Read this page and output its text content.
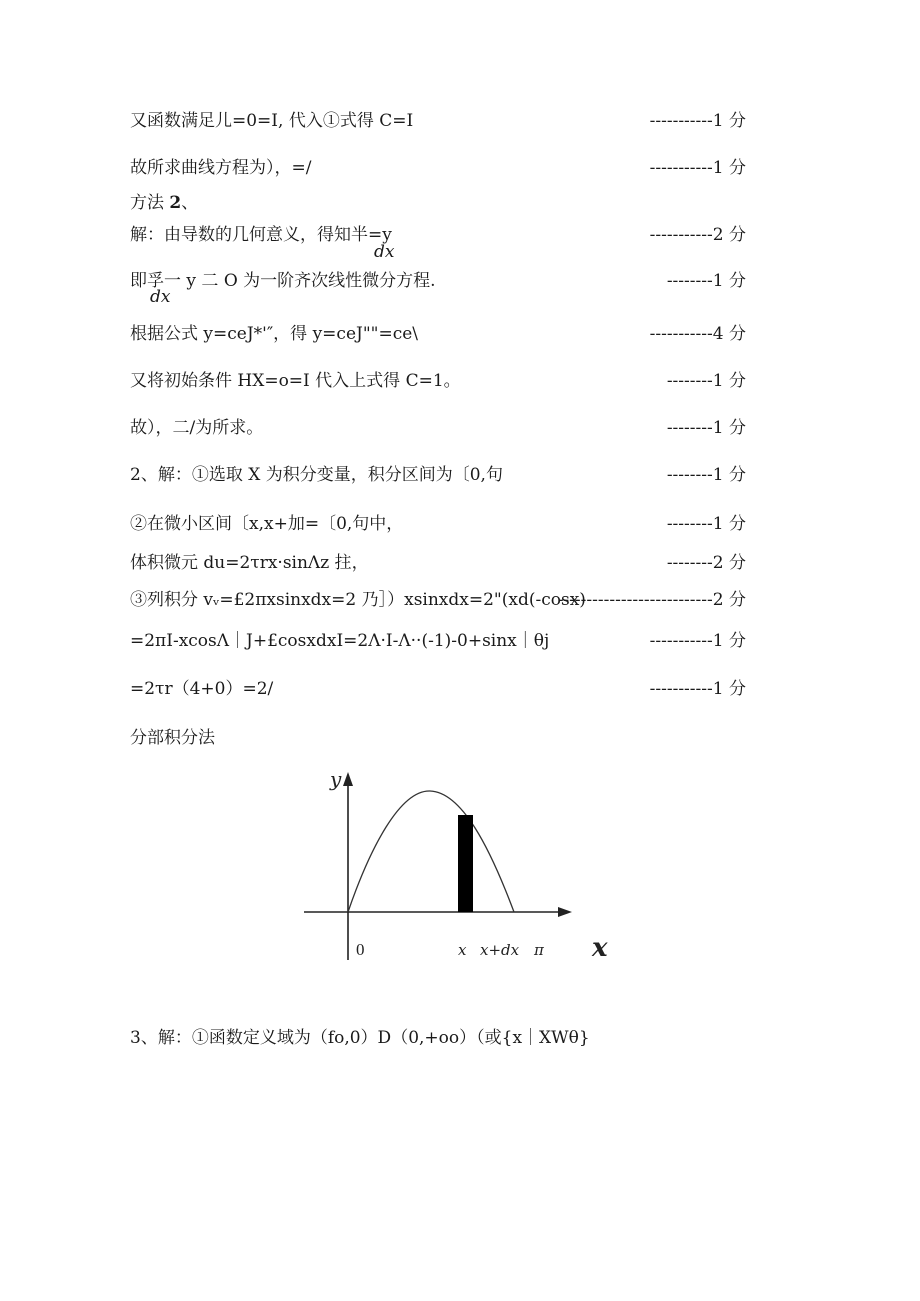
又函数满足儿=0=I, 代入①式得 C=I	-----------1 分
故所求曲线方程为），=/	-----------1 分
方法 2、
解：由导数的几何意义，得知半=y	-----------2 分
dx
即孚一 y 二 O 为一阶齐次线性微分方程.	--------1 分
dx
根据公式 y=ceJ*'″，得 y=ceJ""=ce\	-----------4 分
又将初始条件 HX=o=I 代入上式得 C=1。	--------1 分
故），二/为所求。	--------1 分
2、解：①选取 X 为积分变量，积分区间为〔0,句	--------1 分
②在微小区间〔x,x+加=〔0,句中，	--------1 分
体积微元 du=2τrx·sinΛz 拄，	--------2 分
③列积分 vᵥ=£2πxsinxdx=2 乃］）xsinxdx=2"(xd(-cosx)
---------------------------2 分
=2πI-xcosΛ｜J+£cosxdxI=2Λ·I-Λ··(-1)-0+sinx｜θj	-----------1 分
=2τr（4+0）=2/	-----------1 分
分部积分法
y
x
0	x x+dx π
3、解：①函数定义域为（fo,0）D（0,+oo）（或{x｜XWθ}
